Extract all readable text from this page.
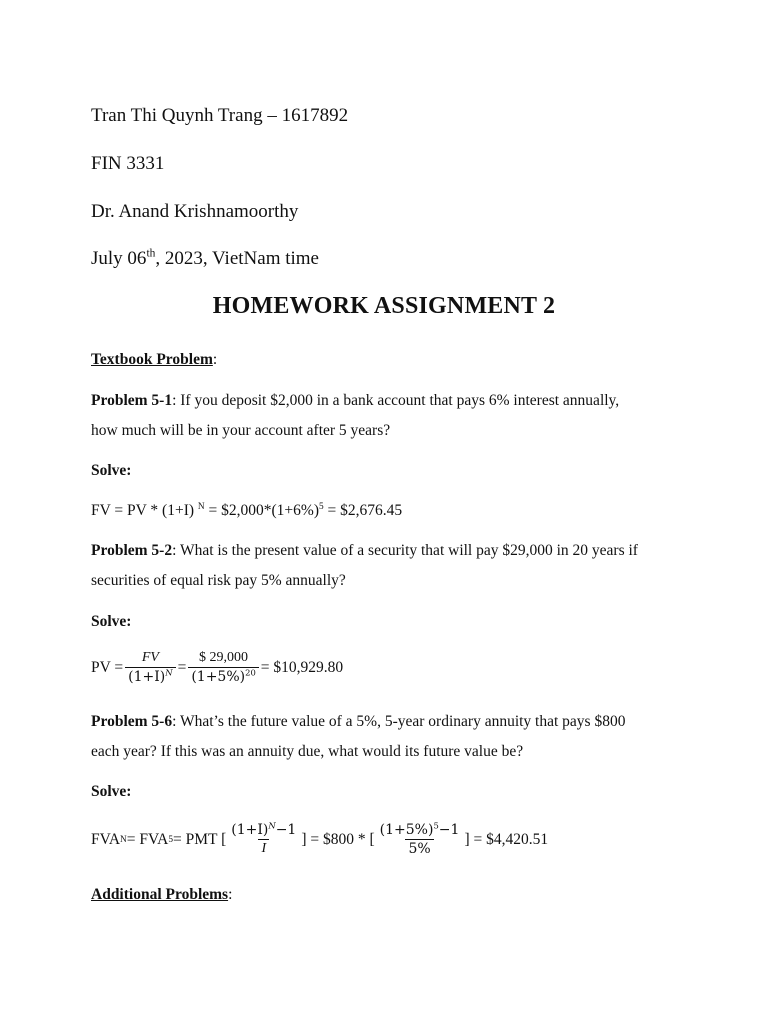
Tran Thi Quynh Trang – 1617892
FIN 3331
Dr. Anand Krishnamoorthy
July 06th, 2023, VietNam time
HOMEWORK ASSIGNMENT 2
Textbook Problem:
Problem 5-1: If you deposit $2,000 in a bank account that pays 6% interest annually,
how much will be in your account after 5 years?
Solve:
FV = PV * (1+I) $^N = \$2,000*(1+6\%)^5$ = $2,676.45
Problem 5-2: What is the present value of a security that will pay $29,000 in 20 years if
securities of equal risk pay 5% annually?
Solve:
PV = $\frac{FV}{(1+I)^N} = \frac{\$ 29,000}{(1+5\%)^{20}}$ = $10,929.80
Problem 5-6: What’s the future value of a 5%, 5-year ordinary annuity that pays $800
each year? If this was an annuity due, what would its future value be?
Solve:
FVA N = FVA 5 = PMT [ $\frac{(1+I)^N-1}{I}$ ] = $800 * [ $\frac{(1+5\%)^5-1}{5\%}$ ] = $4,420.51
Additional Problems:
